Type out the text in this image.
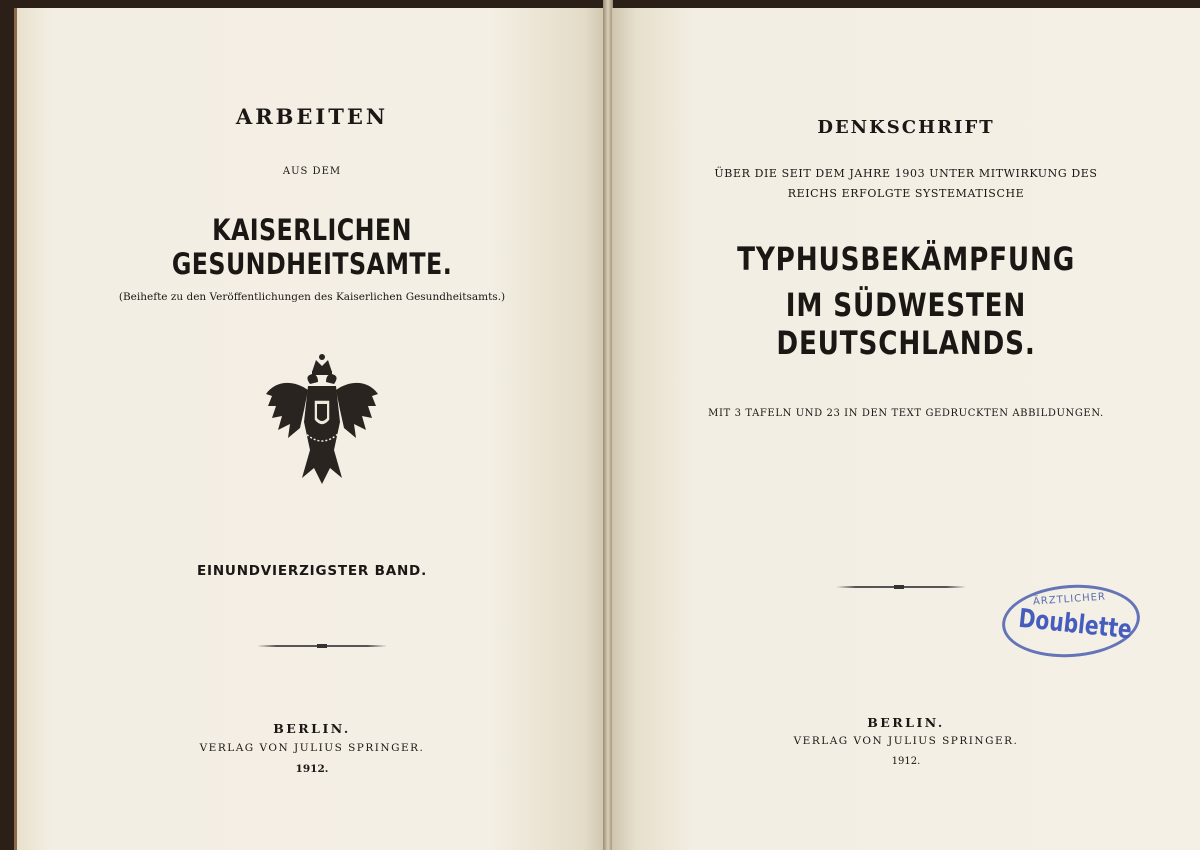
ARBEITEN
AUS DEM
KAISERLICHEN GESUNDHEITSAMTE.
(Beihefte zu den Veröffentlichungen des Kaiserlichen Gesundheitsamts.)
EINUNDVIERZIGSTER BAND.
BERLIN.
VERLAG VON JULIUS SPRINGER.
1912.
DENKSCHRIFT
ÜBER DIE SEIT DEM JAHRE 1903 UNTER MITWIRKUNG DES
REICHS ERFOLGTE SYSTEMATISCHE
TYPHUSBEKÄMPFUNG
IM SÜDWESTEN DEUTSCHLANDS.
MIT 3 TAFELN UND 23 IN DEN TEXT GEDRUCKTEN ABBILDUNGEN.
BERLIN.
VERLAG VON JULIUS SPRINGER.
1912.
ÄRZTLICHER
Doublette
